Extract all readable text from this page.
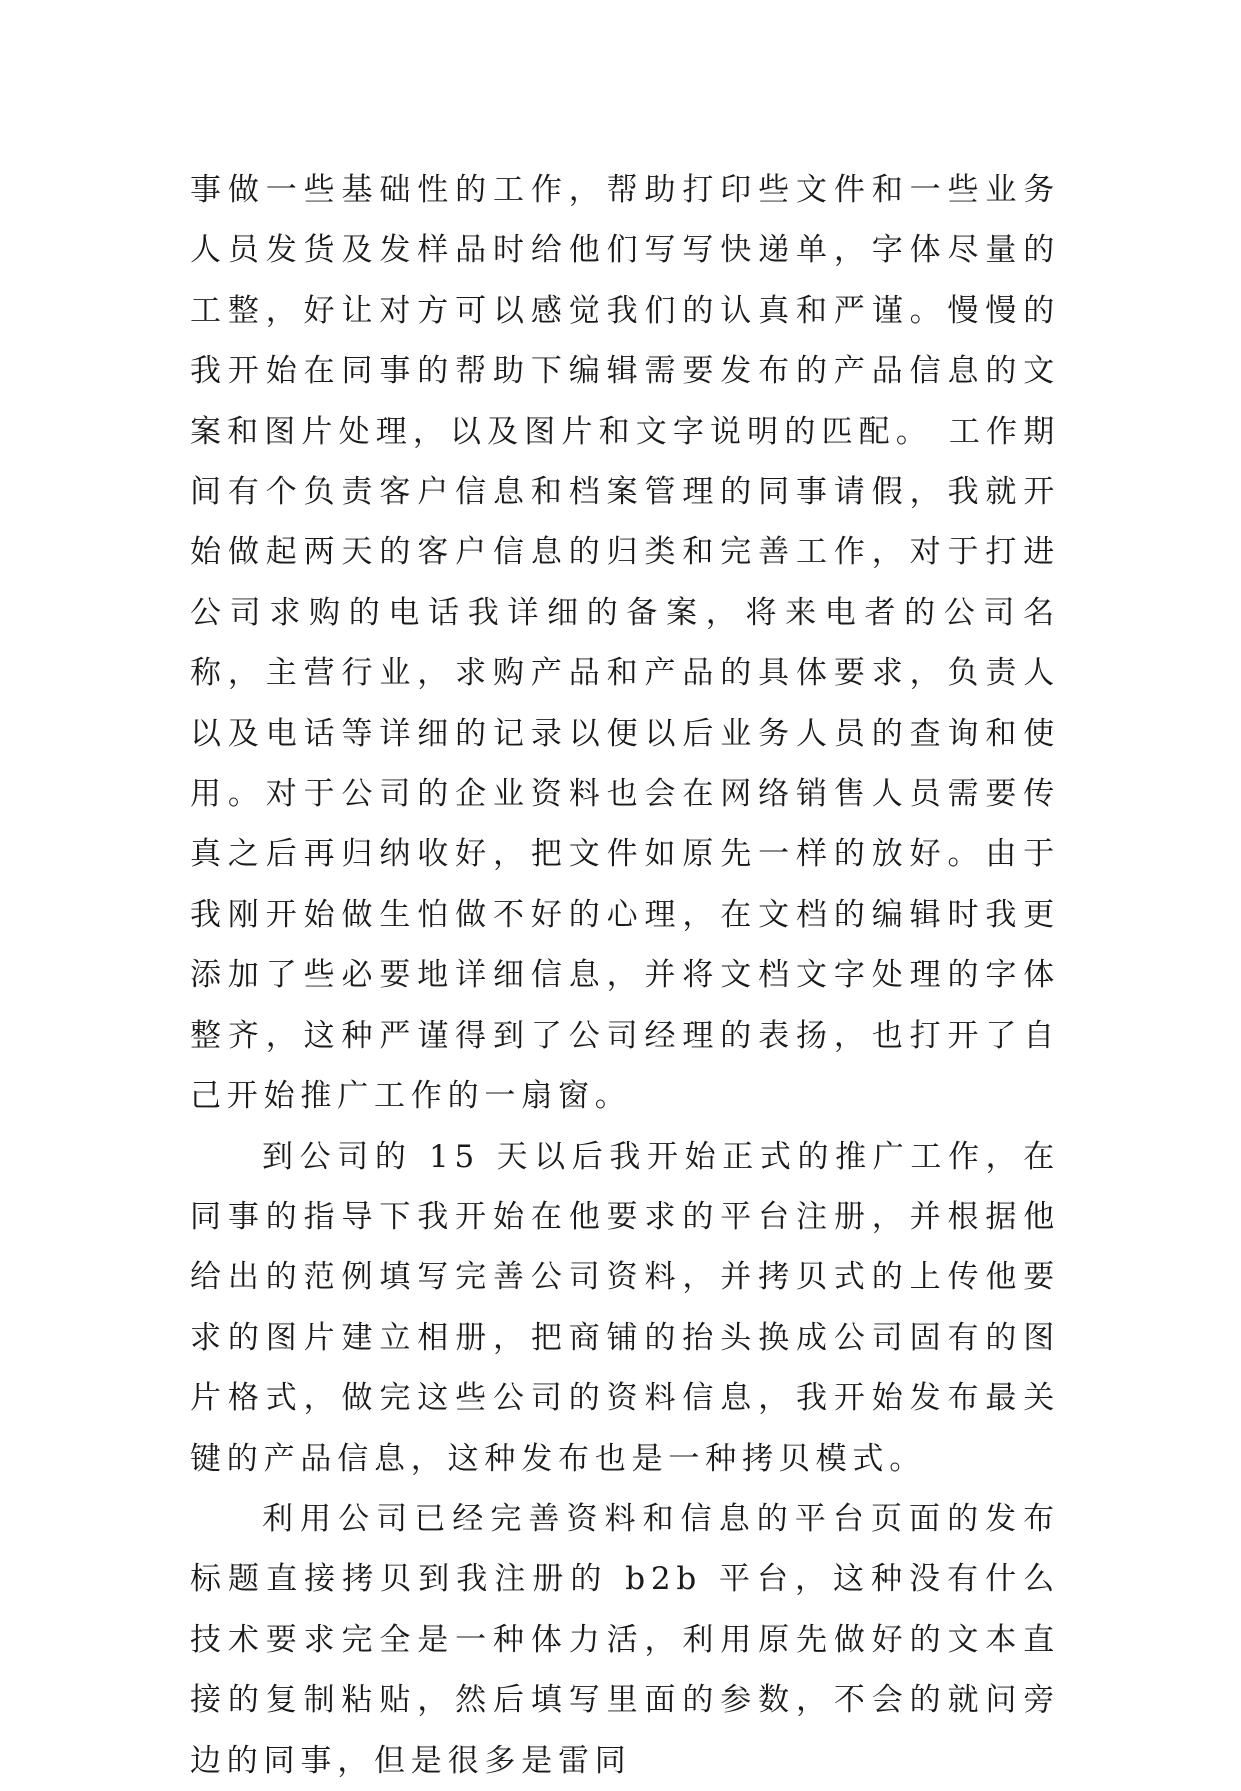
事做一些基础性的工作，帮助打印些文件和一些业务人员发货及发样品时给他们写写快递单，字体尽量的工整，好让对方可以感觉我们的认真和严谨。慢慢的我开始在同事的帮助下编辑需要发布的产品信息的文案和图片处理，以及图片和文字说明的匹配。 工作期间有个负责客户信息和档案管理的同事请假，我就开始做起两天的客户信息的归类和完善工作，对于打进公司求购的电话我详细的备案，将来电者的公司名称，主营行业，求购产品和产品的具体要求，负责人以及电话等详细的记录以便以后业务人员的查询和使用。对于公司的企业资料也会在网络销售人员需要传真之后再归纳收好，把文件如原先一样的放好。由于我刚开始做生怕做不好的心理，在文档的编辑时我更添加了些必要地详细信息，并将文档文字处理的字体整齐，这种严谨得到了公司经理的表扬，也打开了自己开始推广工作的一扇窗。

到公司的 15 天以后我开始正式的推广工作，在同事的指导下我开始在他要求的平台注册，并根据他给出的范例填写完善公司资料，并拷贝式的上传他要求的图片建立相册，把商铺的抬头换成公司固有的图片格式，做完这些公司的资料信息，我开始发布最关键的产品信息，这种发布也是一种拷贝模式。

利用公司已经完善资料和信息的平台页面的发布标题直接拷贝到我注册的 b2b 平台，这种没有什么技术要求完全是一种体力活，利用原先做好的文本直接的复制粘贴，然后填写里面的参数，不会的就问旁边的同事，但是很多是雷同
